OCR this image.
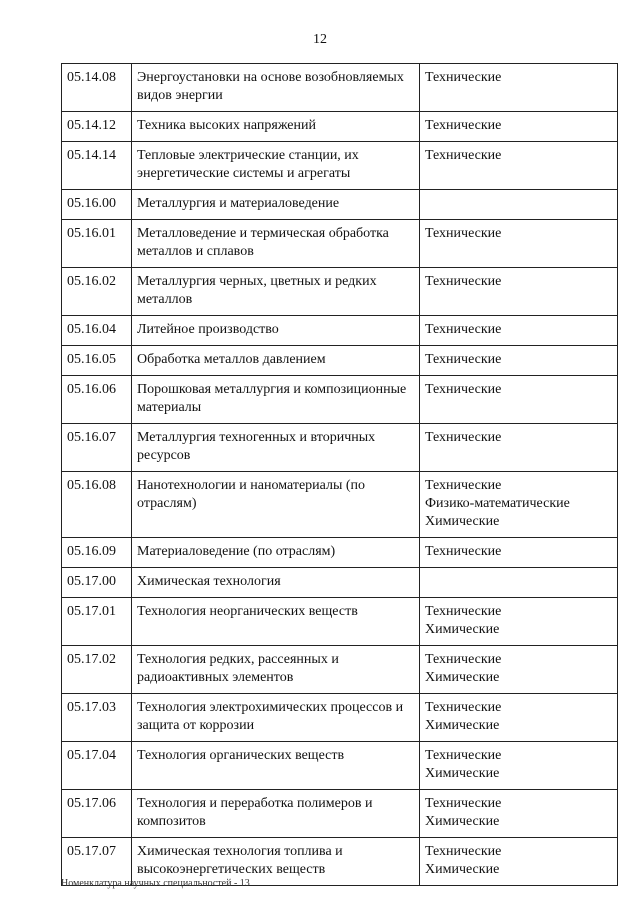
12
05.14.08	Энергоустановки на основе возобновляемых видов энергии	Технические

05.14.12	Техника высоких напряжений	Технические

05.14.14	Тепловые электрические станции, их энергетические системы и агрегаты	Технические

05.16.00	Металлургия и материаловедение	
05.16.01	Металловедение и термическая обработка металлов и сплавов	Технические

05.16.02	Металлургия черных, цветных и редких металлов	Технические

05.16.04	Литейное производство	Технические

05.16.05	Обработка металлов давлением	Технические

05.16.06	Порошковая металлургия и композиционные материалы	Технические

05.16.07	Металлургия техногенных и вторичных ресурсов	Технические

05.16.08	Нанотехнологии и наноматериалы (по отраслям)	Технические
Физико-математические
Химические

05.16.09	Материаловедение (по отраслям)	Технические

05.17.00	Химическая технология	
05.17.01	Технология неорганических веществ	Технические
Химические

05.17.02	Технология редких, рассеянных и радиоактивных элементов	Технические
Химические

05.17.03	Технология электрохимических процессов и защита от коррозии	Технические
Химические

05.17.04	Технология органических веществ	Технические
Химические

05.17.06	Технология и переработка полимеров и композитов	Технические
Химические

05.17.07	Химическая технология топлива и высокоэнергетических веществ	Технические
Химические
Номенклатура научных специальностей - 13
